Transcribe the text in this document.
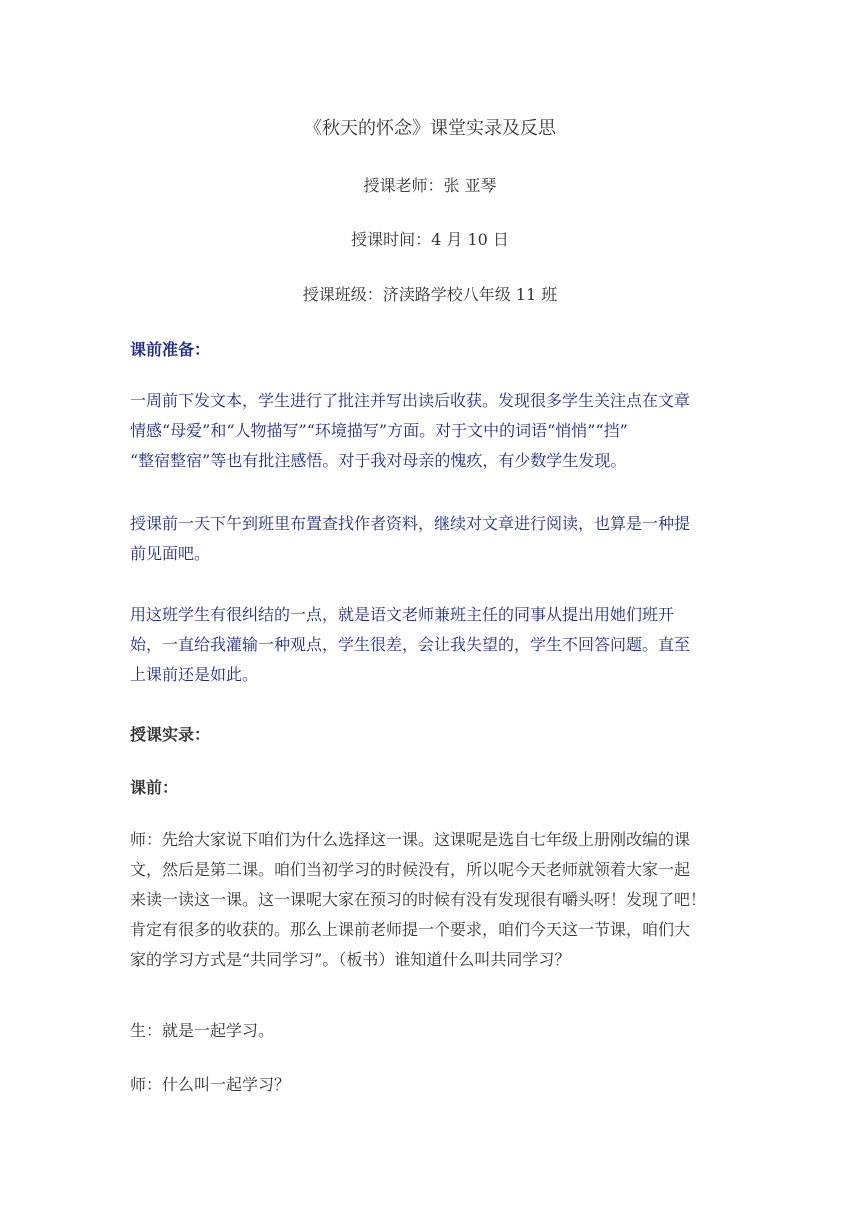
《秋天的怀念》课堂实录及反思
授课老师：张 亚琴
授课时间：4 月 10 日
授课班级：济渎路学校八年级 11 班
课前准备：
一周前下发文本，学生进行了批注并写出读后收获。发现很多学生关注点在文章
情感“母爱”和“人物描写”“环境描写”方面。对于文中的词语“悄悄”“挡”
“整宿整宿”等也有批注感悟。对于我对母亲的愧疚，有少数学生发现。
授课前一天下午到班里布置查找作者资料，继续对文章进行阅读，也算是一种提
前见面吧。
用这班学生有很纠结的一点，就是语文老师兼班主任的同事从提出用她们班开
始，一直给我灌输一种观点，学生很差，会让我失望的，学生不回答问题。直至
上课前还是如此。
授课实录：
课前：
师：先给大家说下咱们为什么选择这一课。这课呢是选自七年级上册刚改编的课
文，然后是第二课。咱们当初学习的时候没有，所以呢今天老师就领着大家一起
来读一读这一课。这一课呢大家在预习的时候有没有发现很有嚼头呀！发现了吧！
肯定有很多的收获的。那么上课前老师提一个要求，咱们今天这一节课，咱们大
家的学习方式是“共同学习”。（板书）谁知道什么叫共同学习？
生：就是一起学习。
师：什么叫一起学习？
